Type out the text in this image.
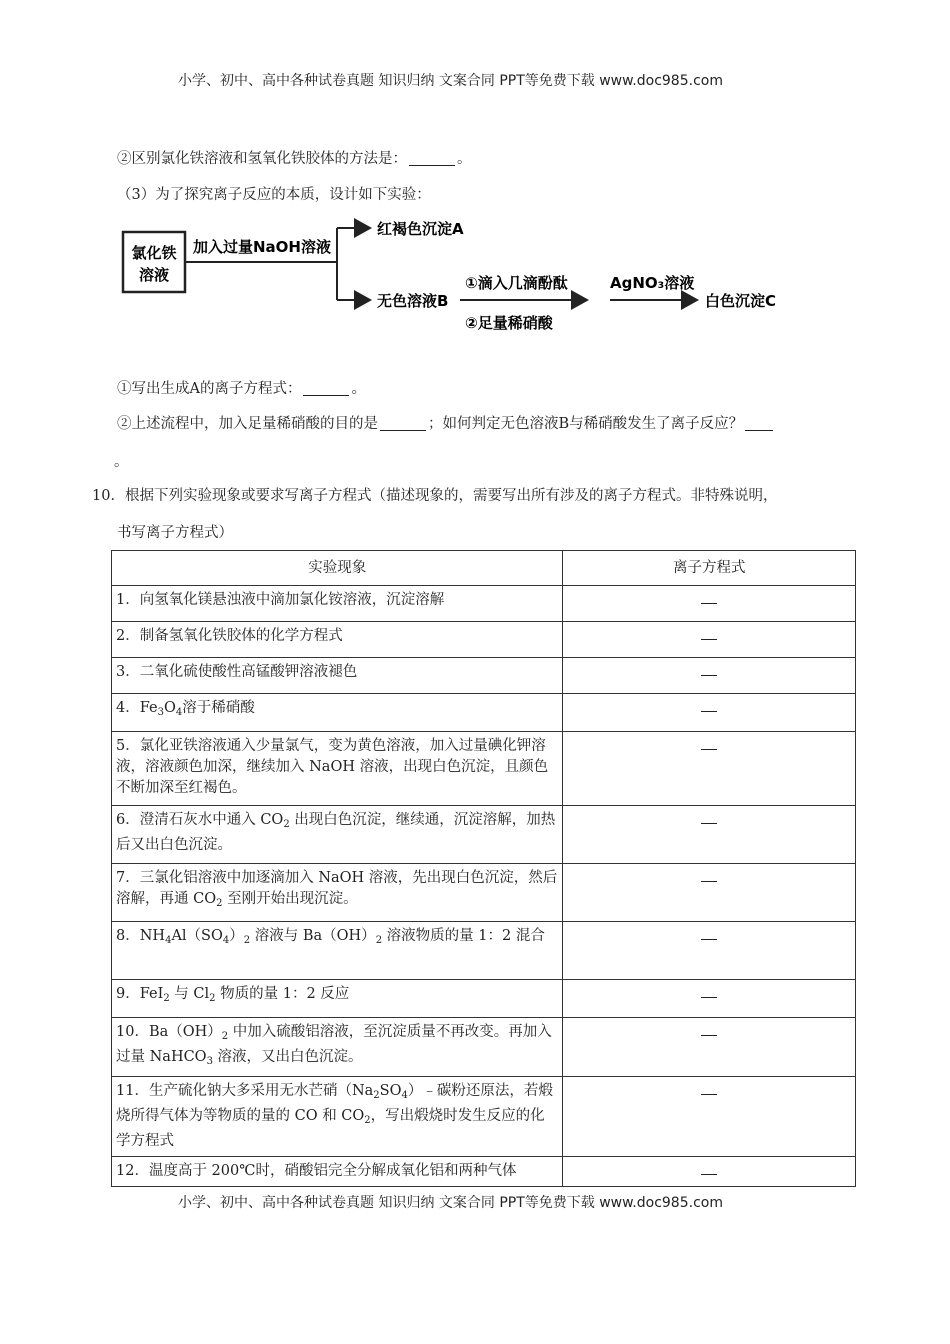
小学、初中、高中各种试卷真题 知识归纳 文案合同 PPT等免费下载 www.doc985.com
②区别氯化铁溶液和氢氧化铁胶体的方法是：	。
（3）为了探究离子反应的本质，设计如下实验：
氯化铁
溶液
加入过量NaOH溶液
红褐色沉淀A
无色溶液B
①滴入几滴酚酞
②足量稀硝酸
AgNO₃溶液
白色沉淀C
①写出生成A的离子方程式：	。
②上述流程中，加入足量稀硝酸的目的是	；如何判定无色溶液B与稀硝酸发生了离子反应？
。
10．根据下列实验现象或要求写离子方程式（描述现象的，需要写出所有涉及的离子方程式。非特殊说明，
书写离子方程式）
实验现象	离子方程式
1．向氢氧化镁悬浊液中滴加氯化铵溶液，沉淀溶解	
2．制备氢氧化铁胶体的化学方程式	
3．二氧化硫使酸性高锰酸钾溶液褪色	
4．$Fe_3O_4$溶于稀硝酸	
5．氯化亚铁溶液通入少量氯气，变为黄色溶液，加入过量碘化钾溶液，溶液颜色加深，继续加入 NaOH 溶液，出现白色沉淀，且颜色不断加深至红褐色。	
6．澄清石灰水中通入 $CO_2$ 出现白色沉淀，继续通，沉淀溶解，加热后又出白色沉淀。	
7．三氯化铝溶液中加逐滴加入 NaOH 溶液，先出现白色沉淀，然后溶解，再通 $CO_2$ 至刚开始出现沉淀。	
8．$NH_4Al(SO_4)_2$ 溶液与 $Ba(OH)_2$ 溶液物质的量 1：2 混合	
9．FeI$_2$ 与 $Cl_2$ 物质的量 1：2 反应	
10．$Ba(OH)_2$ 中加入硫酸铝溶液，至沉淀质量不再改变。再加入过量 NaHCO$_3$ 溶液，又出白色沉淀。	
11．生产硫化钠大多采用无水芒硝$(Na_2SO_4)﹣$碳粉还原法，若煅烧所得气体为等物质的量的 CO 和 $CO_2$，写出煅烧时发生反应的化学方程式	
12．温度高于 200℃时，硝酸铝完全分解成氧化铝和两种气体	
小学、初中、高中各种试卷真题 知识归纳 文案合同 PPT等免费下载 www.doc985.com
